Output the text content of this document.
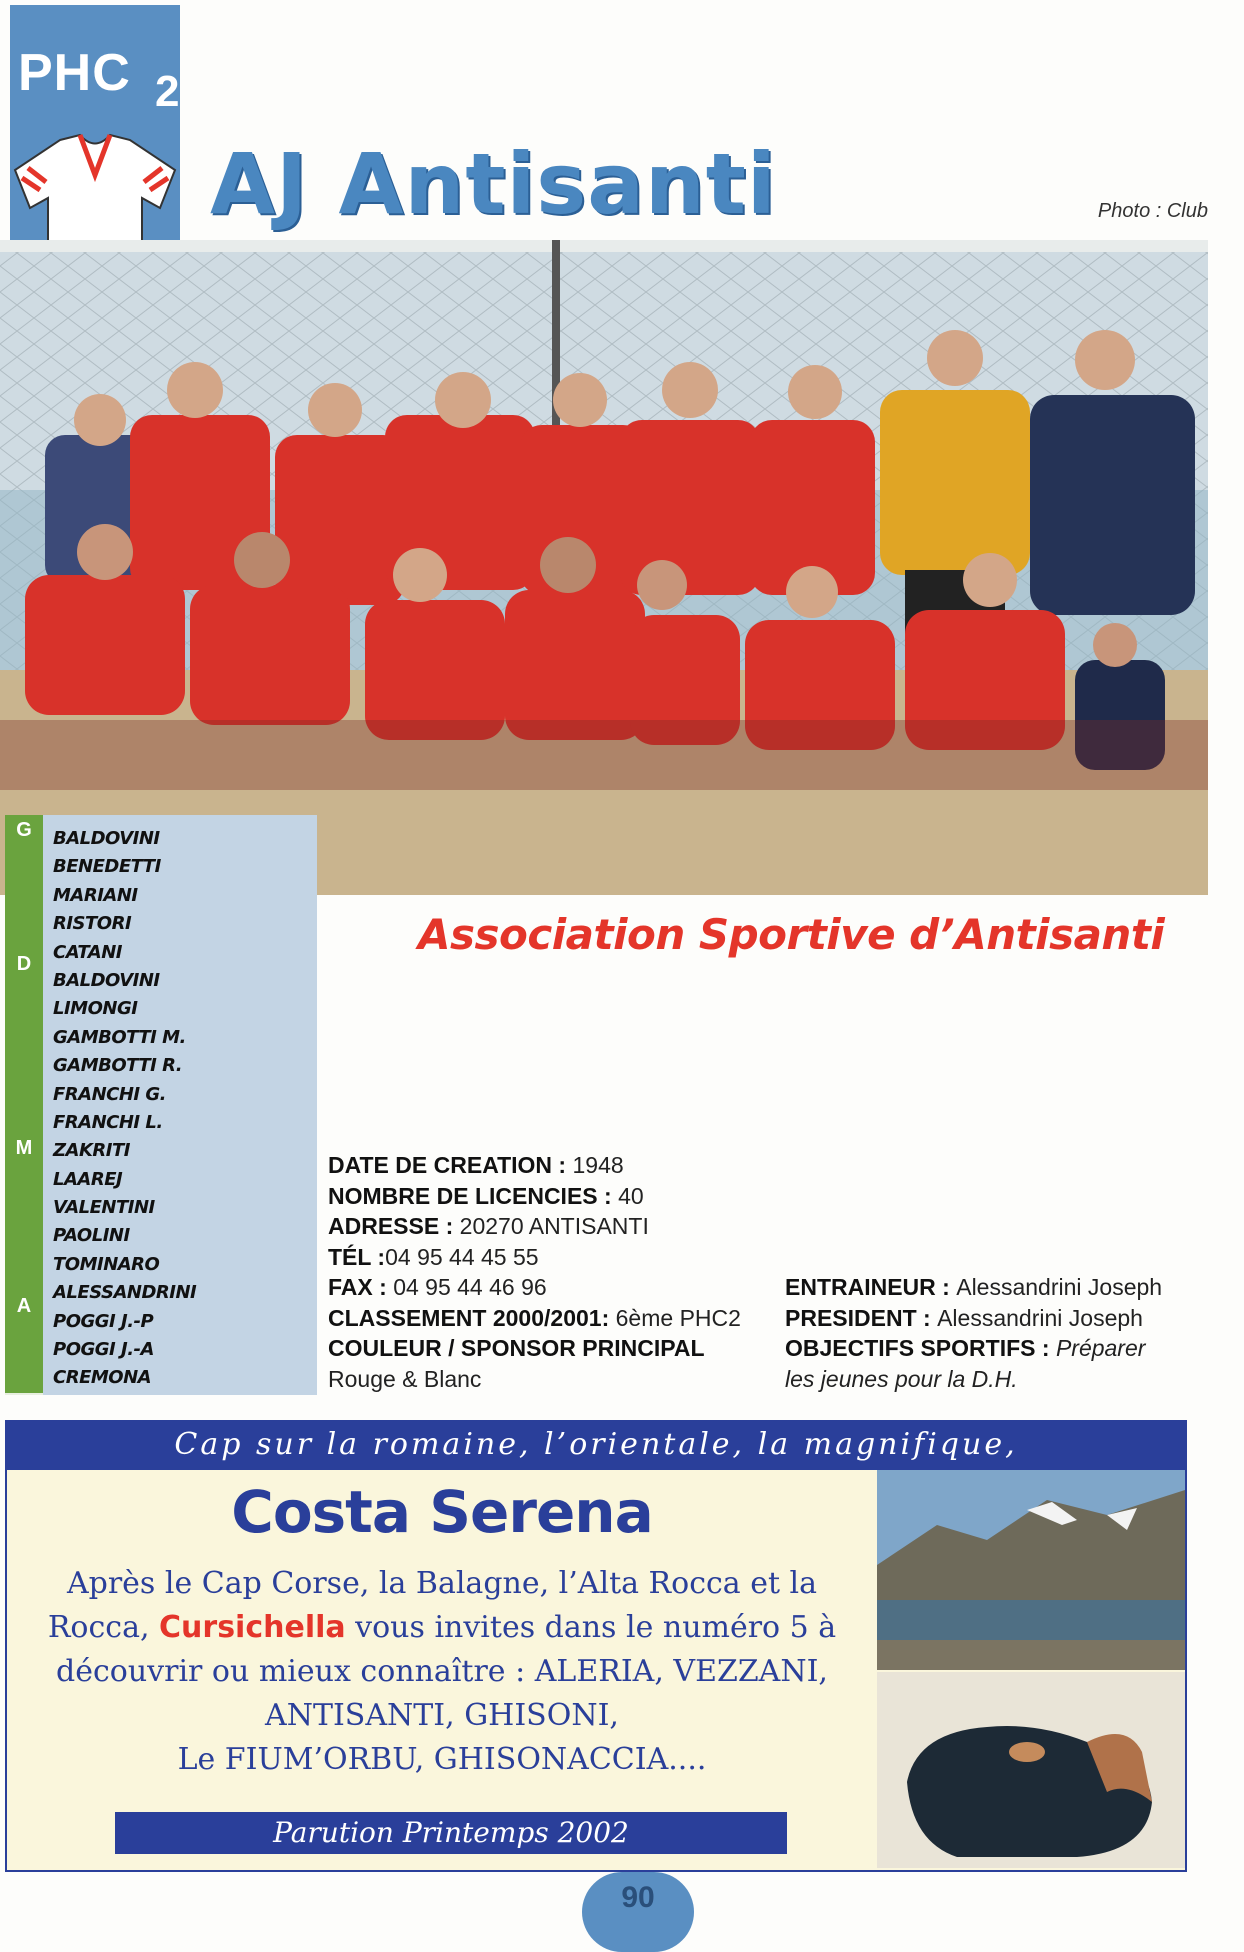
PHC 2
AJ Antisanti	Photo : Club
G
D
M
A
BALDOVINI
BENEDETTI
MARIANI
RISTORI
CATANI
BALDOVINI
LIMONGI
GAMBOTTI M.
GAMBOTTI R.
FRANCHI G.
FRANCHI L.
ZAKRITI
LAAREJ
VALENTINI
PAOLINI
TOMINARO
ALESSANDRINI
POGGI J.-P
POGGI J.-A
CREMONA
Association Sportive d’Antisanti
DATE DE CREATION : 1948
NOMBRE DE LICENCIES : 40
ADRESSE : 20270 ANTISANTI
TÉL :04 95 44 45 55
FAX : 04 95 44 46 96
CLASSEMENT 2000/2001: 6ème PHC2
COULEUR / SPONSOR PRINCIPAL
Rouge & Blanc
ENTRAINEUR : Alessandrini Joseph
PRESIDENT : Alessandrini Joseph
OBJECTIFS SPORTIFS : Préparer
les jeunes pour la D.H.
Cap sur la romaine, l’orientale, la magnifique,
Costa Serena
Après le Cap Corse, la Balagne, l’Alta Rocca et la
Rocca, Cursichella vous invites dans le numéro 5 à
découvrir ou mieux connaître : ALERIA, VEZZANI,
ANTISANTI, GHISONI,
Le FIUM’ORBU, GHISONACCIA....
Parution Printemps 2002
90
